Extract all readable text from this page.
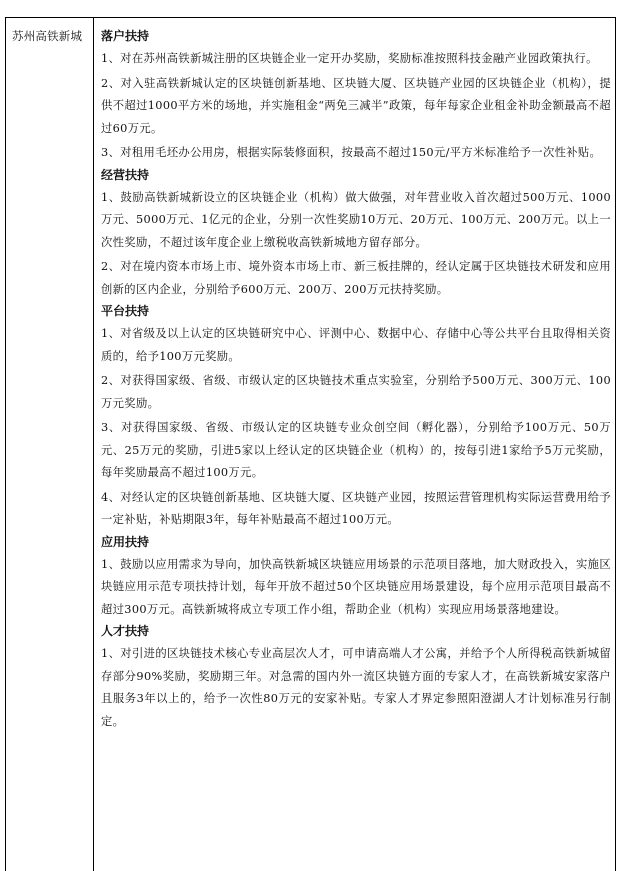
苏州高铁新城 落户扶持
1、对在苏州高铁新城注册的区块链企业一定开办奖励，奖励标准按照科技金融产业园政策执行。
2、对入驻高铁新城认定的区块链创新基地、区块链大厦、区块链产业园的区块链企业（机构），提供不超过1000平方米的场地，并实施租金“两免三减半”政策，每年每家企业租金补助金额最高不超过60万元。
3、对租用毛坯办公用房，根据实际装修面积，按最高不超过150元/平方米标准给予一次性补贴。
经营扶持
1、鼓励高铁新城新设立的区块链企业（机构）做大做强，对年营业收入首次超过500万元、1000万元、5000万元、1亿元的企业，分别一次性奖励10万元、20万元、100万元、200万元。以上一次性奖励，不超过该年度企业上缴税收高铁新城地方留存部分。
2、对在境内资本市场上市、境外资本市场上市、新三板挂牌的，经认定属于区块链技术研发和应用创新的区内企业，分别给予600万元、200万、200万元扶持奖励。
平台扶持
1、对省级及以上认定的区块链研究中心、评测中心、数据中心、存储中心等公共平台且取得相关资质的，给予100万元奖励。
2、对获得国家级、省级、市级认定的区块链技术重点实验室，分别给予500万元、300万元、100万元奖励。
3、对获得国家级、省级、市级认定的区块链专业众创空间（孵化器），分别给予100万元、50万元、25万元的奖励，引进5家以上经认定的区块链企业（机构）的，按每引进1家给予5万元奖励，每年奖励最高不超过100万元。
4、对经认定的区块链创新基地、区块链大厦、区块链产业园，按照运营管理机构实际运营费用给予一定补贴，补贴期限3年，每年补贴最高不超过100万元。
应用扶持
1、鼓励以应用需求为导向，加快高铁新城区块链应用场景的示范项目落地，加大财政投入，实施区块链应用示范专项扶持计划，每年开放不超过50个区块链应用场景建设，每个应用示范项目最高不超过300万元。高铁新城将成立专项工作小组，帮助企业（机构）实现应用场景落地建设。
人才扶持
1、对引进的区块链技术核心专业高层次人才，可申请高端人才公寓，并给予个人所得税高铁新城留存部分90%奖励，奖励期三年。对急需的国内外一流区块链方面的专家人才，在高铁新城安家落户且服务3年以上的，给予一次性80万元的安家补贴。专家人才界定参照阳澄湖人才计划标准另行制定。
